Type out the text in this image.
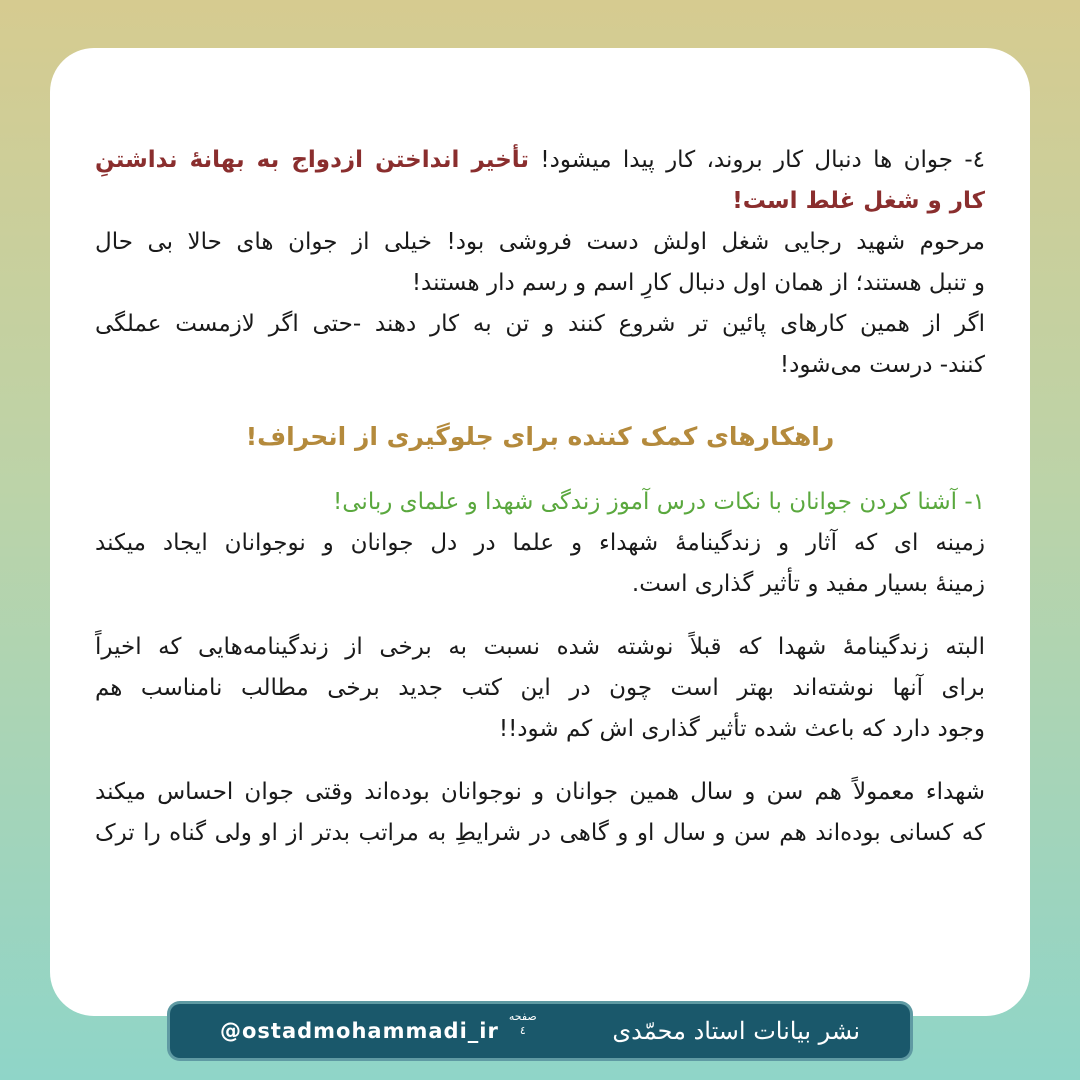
٤- جوان ها دنبال کار بروند، کار پیدا میشود! تأخیر انداختن ازدواج به بهانهٔ نداشتنِ
کار و شغل غلط است!
مرحوم شهید رجایی شغل اولش دست فروشی بود! خیلی از جوان های حالا بی حال
و تنبل هستند؛ از همان اول دنبال کارِ اسم و رسم دار هستند!
اگر از همین کارهای پائین تر شروع کنند و تن به کار دهند -حتی اگر لازمست عملگی
کنند- درست می‌شود!
راهکارهای کمک کننده برای جلوگیری از انحراف!
۱- آشنا کردن جوانان با نکات درس آموز زندگی شهدا و علمای ربانی!
زمینه ای که آثار و زندگینامهٔ شهداء و علما در دل جوانان و نوجوانان ایجاد میکند
زمینهٔ بسیار مفید و تأثیر گذاری است.
البته زندگینامهٔ شهدا که قبلاً نوشته شده نسبت به برخی از زندگینامه‌هایی که اخیراً
برای آنها نوشته‌اند بهتر است چون در این کتب جدید برخی مطالب نامناسب هم
وجود دارد که باعث شده تأثیر گذاری اش کم شود!!
شهداء معمولاً هم سن و سال همین جوانان و نوجوانان بوده‌اند وقتی جوان احساس میکند
که کسانی بوده‌اند هم سن و سال او و گاهی در شرایطِ به مراتب بدتر از او ولی گناه را ترک
@ostadmohammadi_ir
صفحه
٤	نشر بیانات استاد محمّدی
